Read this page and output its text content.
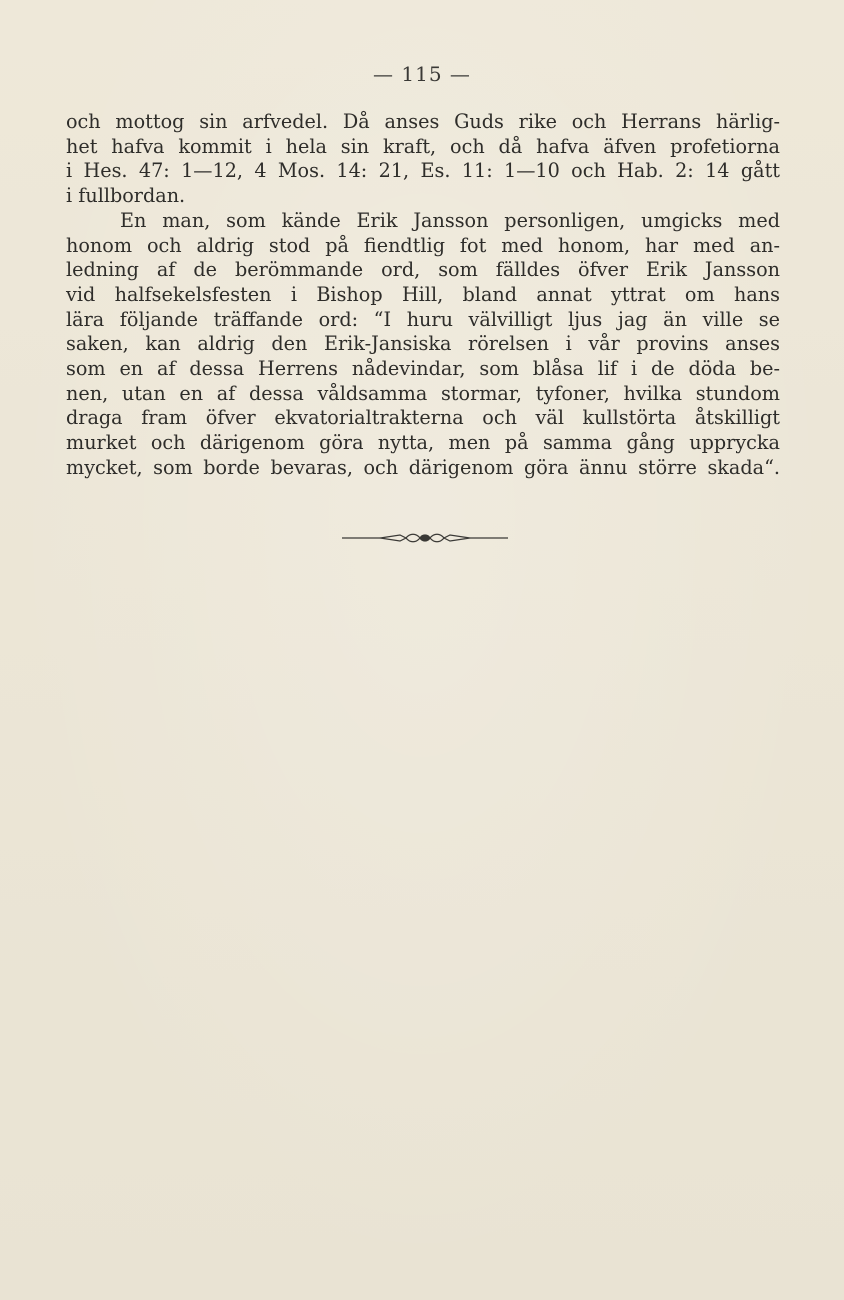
— 115 —
och mottog sin arfvedel. Då anses Guds rike och Herrans härlig-
het hafva kommit i hela sin kraft, och då hafva äfven profetiorna
i Hes. 47: 1—12, 4 Mos. 14: 21, Es. 11: 1—10 och Hab. 2: 14 gått
i fullbordan.
En man, som kände Erik Jansson personligen, umgicks med
honom och aldrig stod på fiendtlig fot med honom, har med an-
ledning af de berömmande ord, som fälldes öfver Erik Jansson
vid halfsekelsfesten i Bishop Hill, bland annat yttrat om hans
lära följande träffande ord: “I huru välvilligt ljus jag än ville se
saken, kan aldrig den Erik-Jansiska rörelsen i vår provins anses
som en af dessa Herrens nådevindar, som blåsa lif i de döda be-
nen, utan en af dessa våldsamma stormar, tyfoner, hvilka stundom
draga fram öfver ekvatorialtrakterna och väl kullstörta åtskilligt
murket och därigenom göra nytta, men på samma gång upprycka
mycket, som borde bevaras, och därigenom göra ännu större skada“.
